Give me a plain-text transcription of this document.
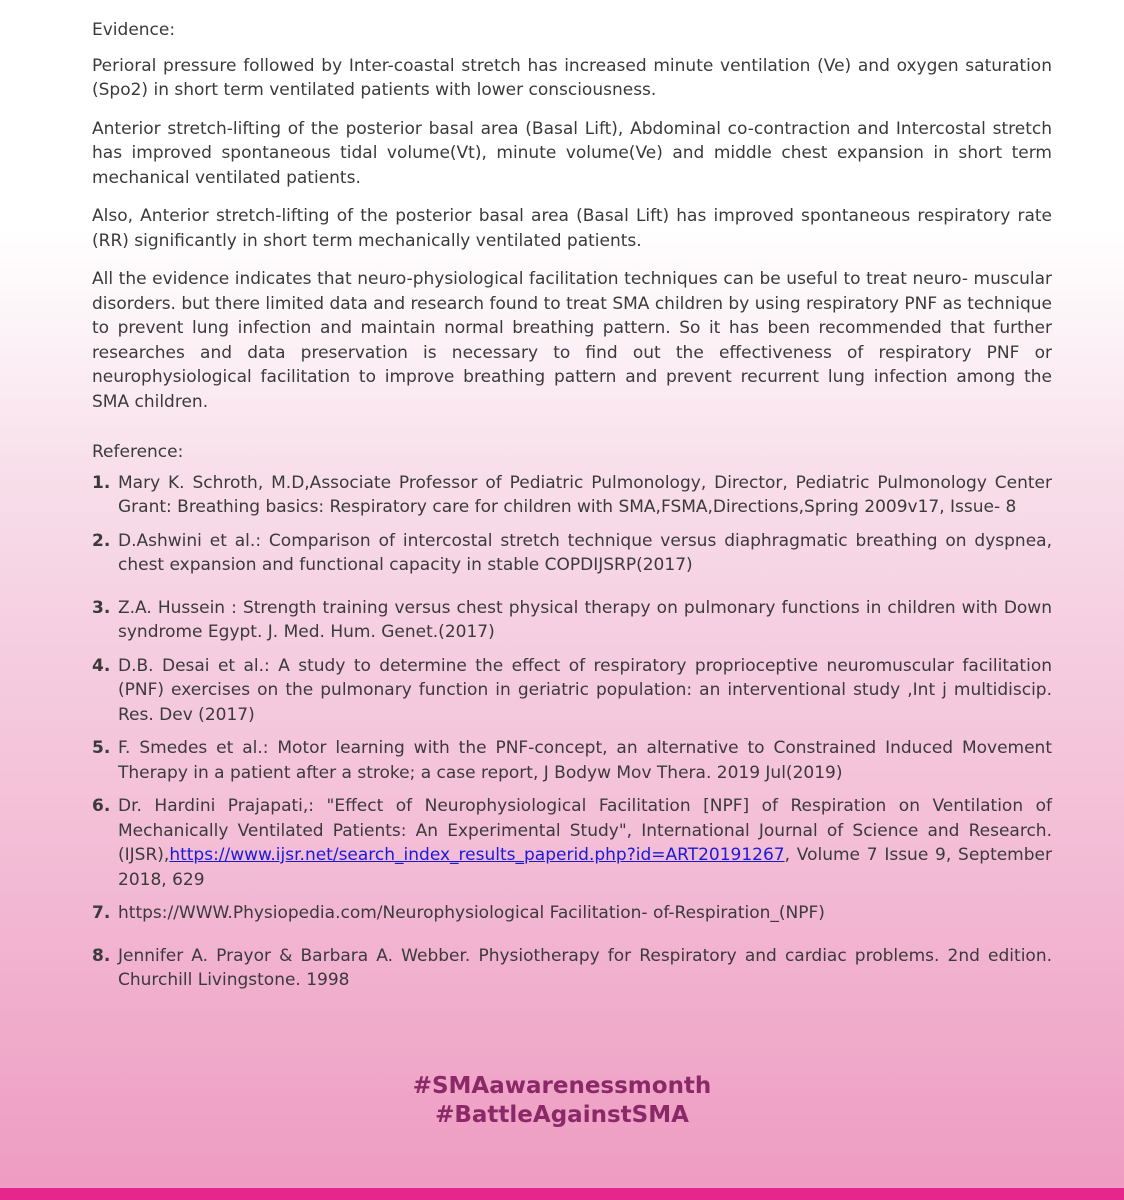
Evidence:

Perioral pressure followed by Inter-coastal stretch has increased minute ventilation (Ve) and oxygen saturation (Spo2) in short term ventilated patients with lower consciousness.

Anterior stretch-lifting of the posterior basal area (Basal Lift), Abdominal co-contraction and Intercostal stretch has improved spontaneous tidal volume(Vt), minute volume(Ve) and middle chest expansion in short term mechanical ventilated patients.

Also, Anterior stretch-lifting of the posterior basal area (Basal Lift) has improved spontaneous respiratory rate (RR) significantly in short term mechanically ventilated patients.

All the evidence indicates that neuro-physiological facilitation techniques can be useful to treat neuro- muscular disorders. but there limited data and research found to treat SMA children by using respiratory PNF as technique to prevent lung infection and maintain normal breathing pattern. So it has been recommended that further researches and data preservation is necessary to find out the effectiveness of respiratory PNF or neurophysiological facilitation to improve breathing pattern and prevent recurrent lung infection among the SMA children.

Reference:

1. Mary K. Schroth, M.D,Associate Professor of Pediatric Pulmonology, Director, Pediatric Pulmonology Center Grant: Breathing basics: Respiratory care for children with SMA,FSMA,Directions,Spring 2009v17, Issue- 8
2. D.Ashwini et al.: Comparison of intercostal stretch technique versus diaphragmatic breathing on dyspnea, chest expansion and functional capacity in stable COPDIJSRP(2017)
3. Z.A. Hussein : Strength training versus chest physical therapy on pulmonary functions in children with Down syndrome Egypt. J. Med. Hum. Genet.(2017)
4. D.B. Desai et al.: A study to determine the effect of respiratory proprioceptive neuromuscular facilitation (PNF) exercises on the pulmonary function in geriatric population: an interventional study ,Int j multidiscip. Res. Dev (2017)
5. F. Smedes et al.: Motor learning with the PNF-concept, an alternative to Constrained Induced Movement Therapy in a patient after a stroke; a case report, J Bodyw Mov Thera. 2019 Jul(2019)
6. Dr. Hardini Prajapati,: "Effect of Neurophysiological Facilitation [NPF] of Respiration on Ventilation of Mechanically Ventilated Patients: An Experimental Study", International Journal of Science and Research. (IJSR),https://www.ijsr.net/search_index_results_paperid.php?id=ART20191267, Volume 7 Issue 9, September 2018, 629
7. https://WWW.Physiopedia.com/Neurophysiological Facilitation- of-Respiration_(NPF)
8. Jennifer A. Prayor & Barbara A. Webber. Physiotherapy for Respiratory and cardiac problems. 2nd edition. Churchill Livingstone. 1998
#SMAawarenessmonth
#BattleAgainstSMA
